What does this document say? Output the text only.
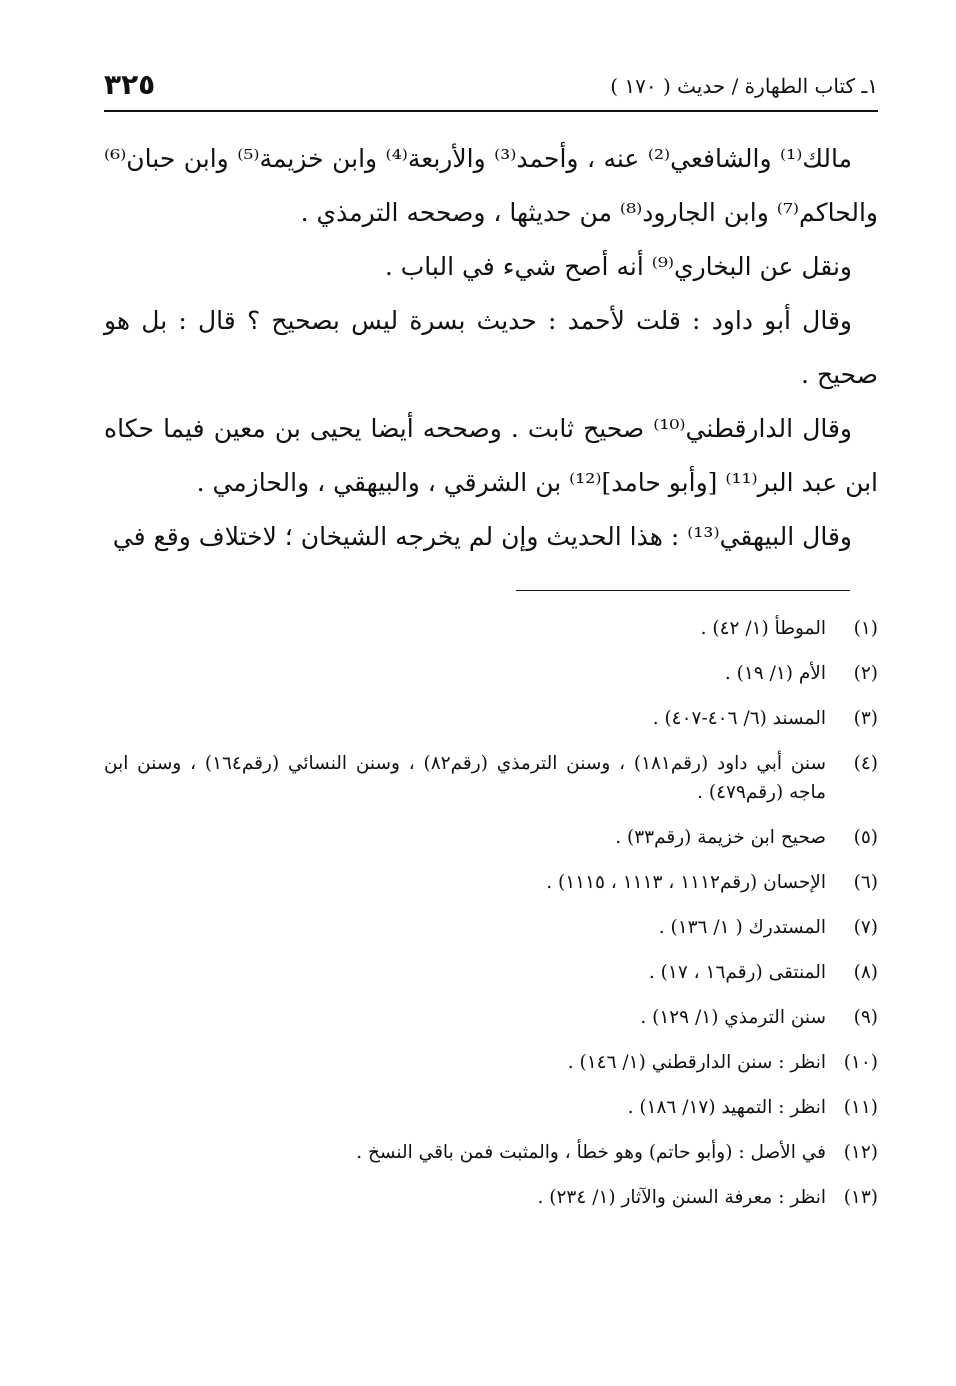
٣٢٥	١ـ كتاب الطهارة / حديث ( ١٧٠ )

مالك⁽¹⁾ والشافعي⁽²⁾ عنه ، وأحمد⁽³⁾ والأربعة⁽⁴⁾ وابن خزيمة⁽⁵⁾ وابن حبان⁽⁶⁾ والحاكم⁽⁷⁾ وابن الجارود⁽⁸⁾ من حديثها ، وصححه الترمذي .

ونقل عن البخاري⁽⁹⁾ أنه أصح شيء في الباب .

وقال أبو داود : قلت لأحمد : حديث بسرة ليس بصحيح ؟ قال : بل هو صحيح .

وقال الدارقطني⁽¹⁰⁾ صحيح ثابت . وصححه أيضا يحيى بن معين فيما حكاه ابن عبد البر⁽¹¹⁾ [وأبو حامد]⁽¹²⁾ بن الشرقي ، والبيهقي ، والحازمي .

وقال البيهقي⁽¹³⁾ : هذا الحديث وإن لم يخرجه الشيخان ؛ لاختلاف وقع في

(١)
الموطأ (١/ ٤٢) .
(٢)
الأم (١/ ١٩) .
(٣)
المسند (٦/ ٤٠٦-٤٠٧) .
(٤)
سنن أبي داود (رقم١٨١) ، وسنن الترمذي (رقم٨٢) ، وسنن النسائي (رقم١٦٤) ، وسنن ابن ماجه (رقم٤٧٩) .
(٥)
صحيح ابن خزيمة (رقم٣٣) .
(٦)
الإحسان (رقم١١١٢ ، ١١١٣ ، ١١١٥) .
(٧)
المستدرك ( ١/ ١٣٦) .
(٨)
المنتقى (رقم١٦ ، ١٧) .
(٩)
سنن الترمذي (١/ ١٢٩) .
(١٠)
انظر : سنن الدارقطني (١/ ١٤٦) .
(١١)
انظر : التمهيد (١٧/ ١٨٦) .
(١٢)
في الأصل : (وأبو حاتم) وهو خطأ ، والمثبت فمن باقي النسخ .
(١٣)
انظر : معرفة السنن والآثار (١/ ٢٣٤) .
